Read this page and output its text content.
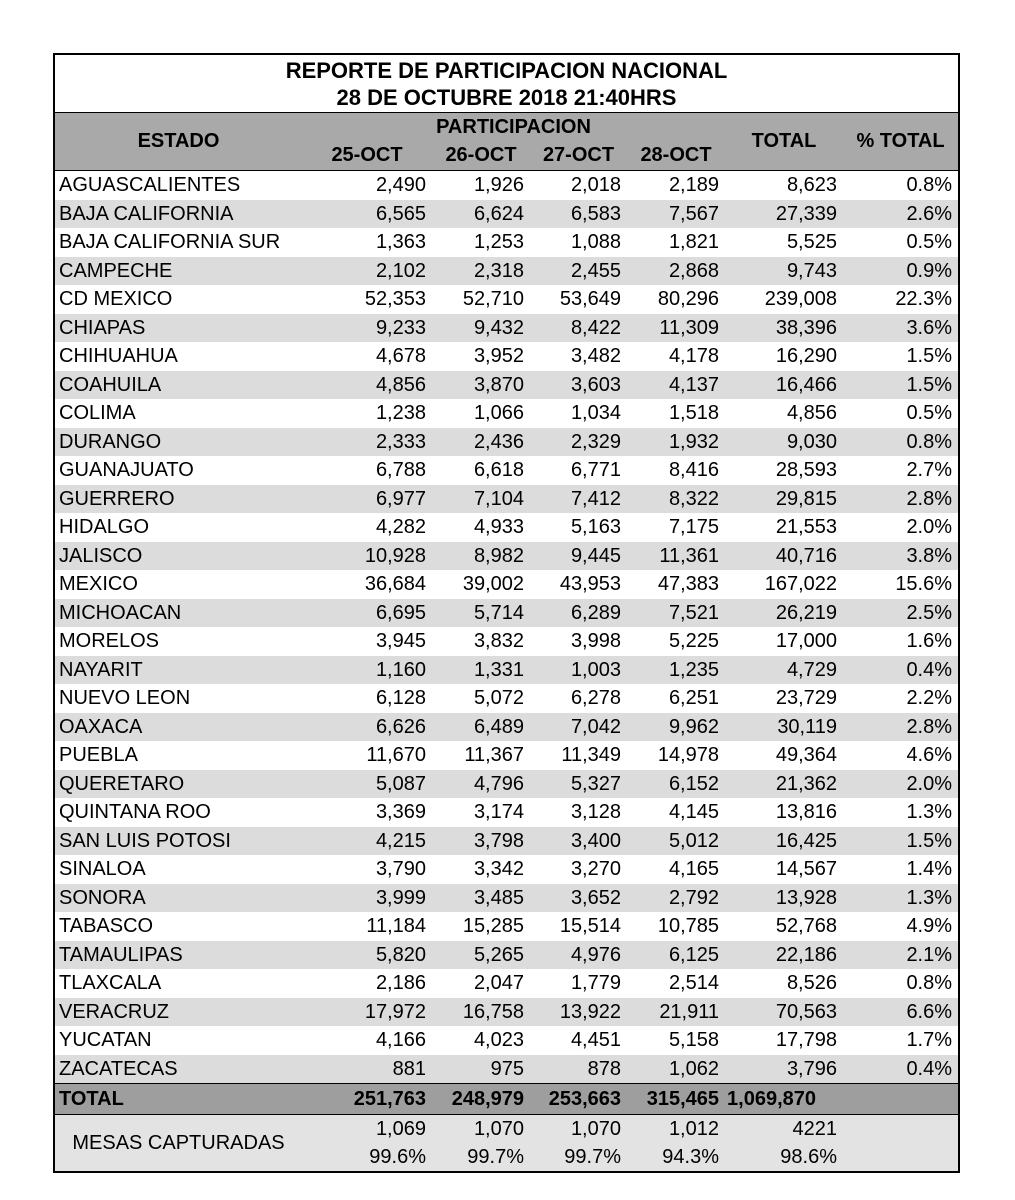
REPORTE DE PARTICIPACION NACIONAL
28 DE OCTUBRE 2018 21:40HRS						

ESTADO	PARTICIPACION				TOTAL	% TOTAL
	25-OCT	26-OCT	27-OCT	28-OCT		
AGUASCALIENTES	2,490	1,926	2,018	2,189	8,623	0.8%
BAJA CALIFORNIA	6,565	6,624	6,583	7,567	27,339	2.6%
BAJA CALIFORNIA SUR	1,363	1,253	1,088	1,821	5,525	0.5%
CAMPECHE	2,102	2,318	2,455	2,868	9,743	0.9%
CD MEXICO	52,353	52,710	53,649	80,296	239,008	22.3%
CHIAPAS	9,233	9,432	8,422	11,309	38,396	3.6%
CHIHUAHUA	4,678	3,952	3,482	4,178	16,290	1.5%
COAHUILA	4,856	3,870	3,603	4,137	16,466	1.5%
COLIMA	1,238	1,066	1,034	1,518	4,856	0.5%
DURANGO	2,333	2,436	2,329	1,932	9,030	0.8%
GUANAJUATO	6,788	6,618	6,771	8,416	28,593	2.7%
GUERRERO	6,977	7,104	7,412	8,322	29,815	2.8%
HIDALGO	4,282	4,933	5,163	7,175	21,553	2.0%
JALISCO	10,928	8,982	9,445	11,361	40,716	3.8%
MEXICO	36,684	39,002	43,953	47,383	167,022	15.6%
MICHOACAN	6,695	5,714	6,289	7,521	26,219	2.5%
MORELOS	3,945	3,832	3,998	5,225	17,000	1.6%
NAYARIT	1,160	1,331	1,003	1,235	4,729	0.4%
NUEVO LEON	6,128	5,072	6,278	6,251	23,729	2.2%
OAXACA	6,626	6,489	7,042	9,962	30,119	2.8%
PUEBLA	11,670	11,367	11,349	14,978	49,364	4.6%
QUERETARO	5,087	4,796	5,327	6,152	21,362	2.0%
QUINTANA ROO	3,369	3,174	3,128	4,145	13,816	1.3%
SAN LUIS POTOSI	4,215	3,798	3,400	5,012	16,425	1.5%
SINALOA	3,790	3,342	3,270	4,165	14,567	1.4%
SONORA	3,999	3,485	3,652	2,792	13,928	1.3%
TABASCO	11,184	15,285	15,514	10,785	52,768	4.9%
TAMAULIPAS	5,820	5,265	4,976	6,125	22,186	2.1%
TLAXCALA	2,186	2,047	1,779	2,514	8,526	0.8%
VERACRUZ	17,972	16,758	13,922	21,911	70,563	6.6%
YUCATAN	4,166	4,023	4,451	5,158	17,798	1.7%
ZACATECAS	881	975	878	1,062	3,796	0.4%
TOTAL	251,763	248,979	253,663	315,465	1,069,870	
MESAS CAPTURADAS	1,069	1,070	1,070	1,012	4221	
	99.6%	99.7%	99.7%	94.3%	98.6%	
